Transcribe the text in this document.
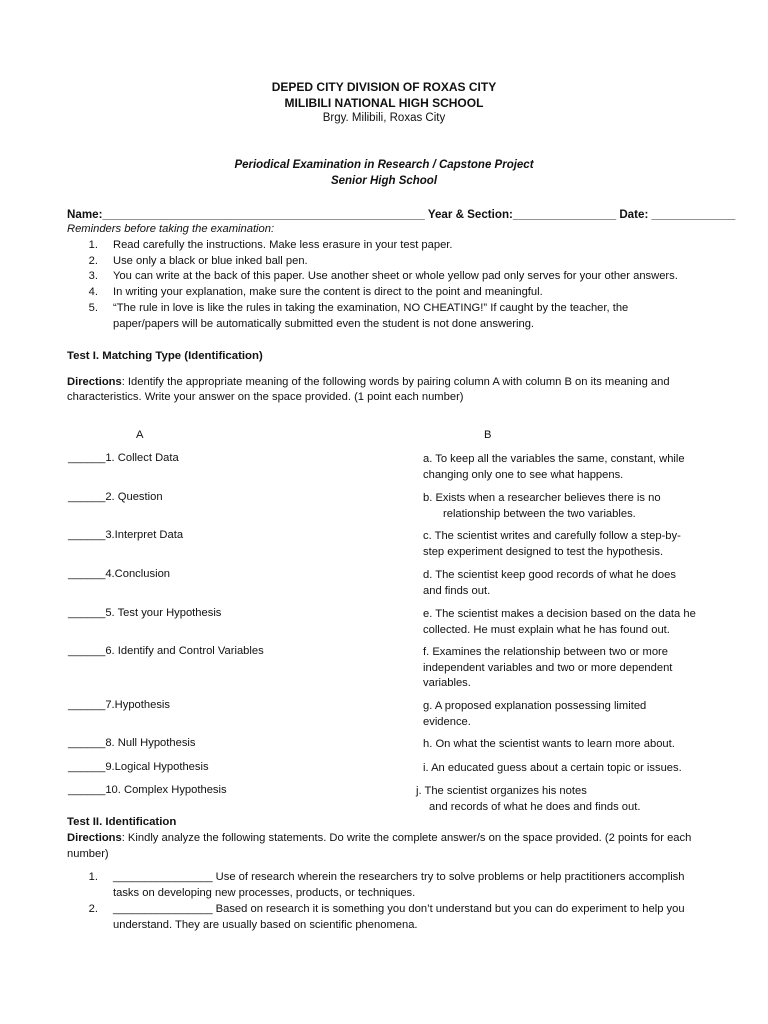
DEPED CITY DIVISION OF ROXAS CITY
MILIBILI NATIONAL HIGH SCHOOL
Brgy. Milibili, Roxas City
Periodical Examination in Research / Capstone Project
Senior High School
Name:__________________________________________________ Year & Section:________________ Date: _____________
Reminders before taking the examination:
1. Read carefully the instructions. Make less erasure in your test paper.
2. Use only a black or blue inked ball pen.
3. You can write at the back of this paper. Use another sheet or whole yellow pad only serves for your other answers.
4. In writing your explanation, make sure the content is direct to the point and meaningful.
5. “The rule in love is like the rules in taking the examination, NO CHEATING!” If caught by the teacher, the
paper/papers will be automatically submitted even the student is not done answering.
Test I. Matching Type (Identification)
Directions: Identify the appropriate meaning of the following words by pairing column A with column B on its meaning and
characteristics. Write your answer on the space provided. (1 point each number)
A	B
______1. Collect Data
______2. Question
______3.Interpret Data
______4.Conclusion
______5. Test your Hypothesis
______6. Identify and Control Variables
______7.Hypothesis
______8. Null Hypothesis
______9.Logical Hypothesis
______10. Complex Hypothesis
a. To keep all the variables the same, constant, while
changing only one to see what happens.
b. Exists when a researcher believes there is no
relationship between the two variables.
c. The scientist writes and carefully follow a step-by-
step experiment designed to test the hypothesis.
d. The scientist keep good records of what he does
and finds out.
e. The scientist makes a decision based on the data he
collected. He must explain what he has found out.
f. Examines the relationship between two or more
independent variables and two or more dependent
variables.
g. A proposed explanation possessing limited
evidence.
h. On what the scientist wants to learn more about.
i. An educated guess about a certain topic or issues.
j. The scientist organizes his notes
and records of what he does and finds out.
Test II. Identification
Directions: Kindly analyze the following statements. Do write the complete answer/s on the space provided. (2 points for each
number)
1. ________________ Use of research wherein the researchers try to solve problems or help practitioners accomplish
tasks on developing new processes, products, or techniques.
2. ________________ Based on research it is something you don’t understand but you can do experiment to help you
understand. They are usually based on scientific phenomena.
